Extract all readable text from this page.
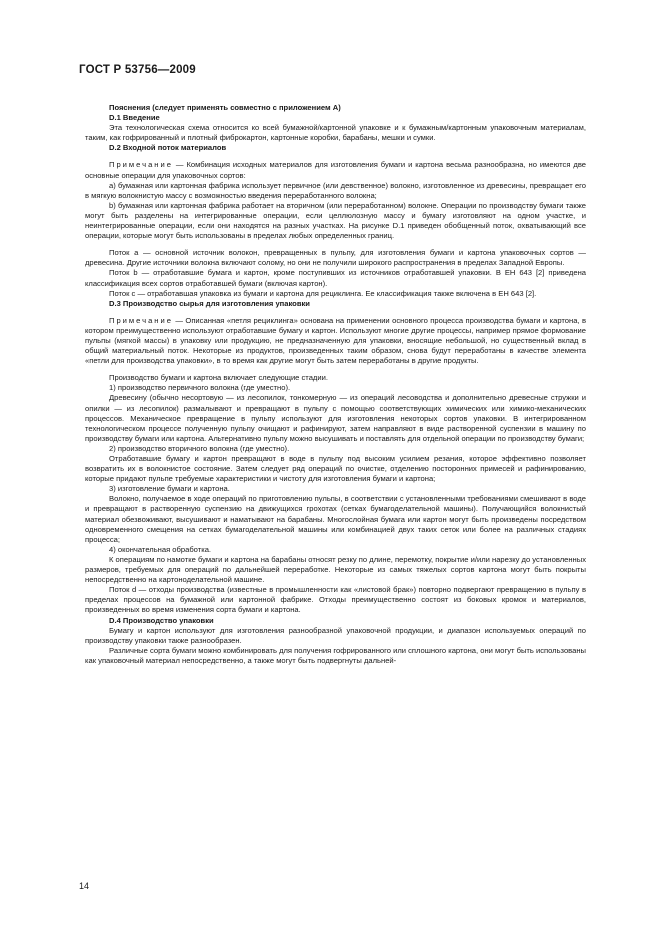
ГОСТ Р 53756—2009

Пояснения (следует применять совместно с приложением А)

D.1 Введение

Эта технологическая схема относится ко всей бумажной/картонной упаковке и к бумажным/картонным упаковочным материалам, таким, как гофрированный и плотный фиброкартон, картонные коробки, барабаны, мешки и сумки.

D.2 Входной поток материалов

Примечание — Комбинация исходных материалов для изготовления бумаги и картона весьма разнообразна, но имеются две основные операции для упаковочных сортов:

а) бумажная или картонная фабрика использует первичное (или девственное) волокно, изготовленное из древесины, превращает его в мягкую волокнистую массу с возможностью введения переработанного волокна;

b) бумажная или картонная фабрика работает на вторичном (или переработанном) волокне. Операции по производству бумаги также могут быть разделены на интегрированные операции, если целлюлозную массу и бумагу изготовляют на одном участке, и неинтегрированные операции, если они находятся на разных участках. На рисунке D.1 приведен обобщенный поток, охватывающий все операции, которые могут быть использованы в пределах любых определенных границ.

Поток a — основной источник волокон, превращенных в пульпу, для изготовления бумаги и картона упаковочных сортов — древесина. Другие источники волокна включают солому, но они не получили широкого распространения в пределах Западной Европы.

Поток b — отработавшие бумага и картон, кроме поступивших из источников отработавшей упаковки. В ЕН 643 [2] приведена классификация всех сортов отработавшей бумаги (включая картон).

Поток c — отработавшая упаковка из бумаги и картона для рециклинга. Ее классификация также включена в ЕН 643 [2].

D.3 Производство сырья для изготовления упаковки

Примечание — Описанная «петля рециклинга» основана на применении основного процесса производства бумаги и картона, в котором преимущественно используют отработавшие бумагу и картон. Используют многие другие процессы, например прямое формование пульпы (мягкой массы) в упаковку или продукцию, не предназначенную для упаковки, вносящие небольшой, но существенный вклад в общий материальный поток. Некоторые из продуктов, произведенных таким образом, снова будут переработаны в качестве элемента «петли для производства упаковки», в то время как другие могут быть затем переработаны в другие продукты.

Производство бумаги и картона включает следующие стадии.

1) производство первичного волокна (где уместно).

Древесину (обычно несортовую — из лесопилок, тонкомерную — из операций лесоводства и дополнительно древесные стружки и опилки — из лесопилок) размалывают и превращают в пульпу с помощью соответствующих химических или химико-механических процессов. Механическое превращение в пульпу используют для изготовления некоторых сортов упаковки. В интегрированном технологическом процессе полученную пульпу очищают и рафинируют, затем направляют в виде растворенной суспензии в машину по производству бумаги или картона. Альтернативно пульпу можно высушивать и поставлять для отдельной операции по производству бумаги;

2) производство вторичного волокна (где уместно).

Отработавшие бумагу и картон превращают в воде в пульпу под высоким усилием резания, которое эффективно позволяет возвратить их в волокнистое состояние. Затем следует ряд операций по очистке, отделению посторонних примесей и рафинированию, которые придают пульпе требуемые характеристики и чистоту для изготовления бумаги и картона;

3) изготовление бумаги и картона.

Волокно, получаемое в ходе операций по приготовлению пульпы, в соответствии с установленными требованиями смешивают в воде и превращают в растворенную суспензию на движущихся грохотах (сетках бумагоделательной машины). Получающийся волокнистый материал обезвоживают, высушивают и наматывают на барабаны. Многослойная бумага или картон могут быть произведены посредством одновременного смещения на сетках бумагоделательной машины или комбинацией двух таких сеток или более на различных стадиях процесса;

4) окончательная обработка.

К операциям по намотке бумаги и картона на барабаны относят резку по длине, перемотку, покрытие и/или нарезку до установленных размеров, требуемых для операций по дальнейшей переработке. Некоторые из самых тяжелых сортов картона могут быть покрыты непосредственно на картоноделательной машине.

Поток d — отходы производства (известные в промышленности как «листовой брак») повторно подвергают превращению в пульпу в пределах процессов на бумажной или картонной фабрике. Отходы преимущественно состоят из боковых кромок и материалов, произведенных во время изменения сорта бумаги и картона.

D.4 Производство упаковки

Бумагу и картон используют для изготовления разнообразной упаковочной продукции, и диапазон используемых операций по производству упаковки также разнообразен.

Различные сорта бумаги можно комбинировать для получения гофрированного или сплошного картона, они могут быть использованы как упаковочный материал непосредственно, а также могут быть подвергнуты дальней-

14
